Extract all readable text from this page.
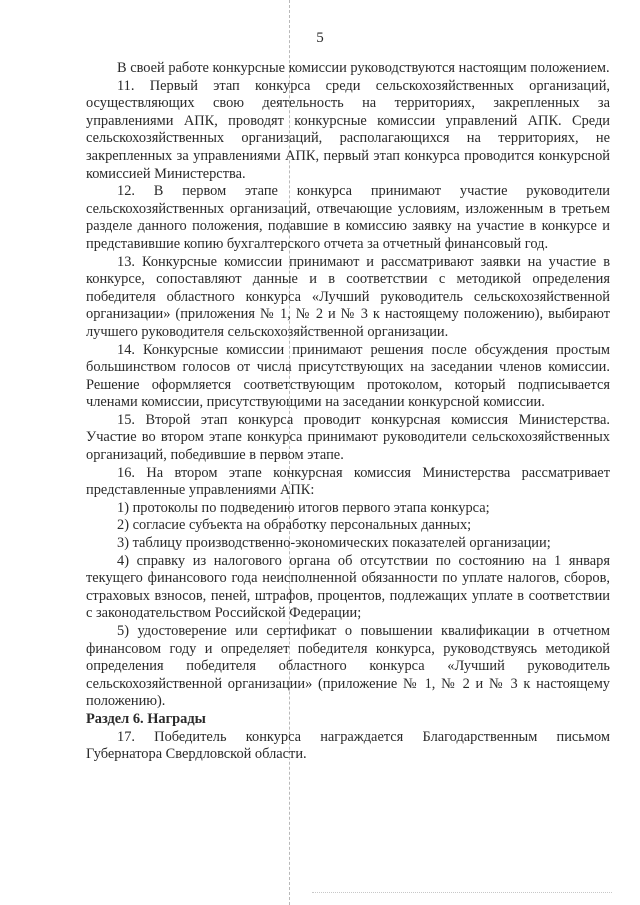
5

В своей работе конкурсные комиссии руководствуются настоящим положением.

11. Первый этап конкурса среди сельскохозяйственных организаций, осуществляющих свою деятельность на территориях, закрепленных за управлениями АПК, проводят конкурсные комиссии управлений АПК. Среди сельскохозяйственных организаций, располагающихся на территориях, не закрепленных за управлениями АПК, первый этап конкурса проводится конкурсной комиссией Министерства.

12. В первом этапе конкурса принимают участие руководители сельскохозяйственных организаций, отвечающие условиям, изложенным в третьем разделе данного положения, подавшие в комиссию заявку на участие в конкурсе и представившие копию бухгалтерского отчета за отчетный финансовый год.

13. Конкурсные комиссии принимают и рассматривают заявки на участие в конкурсе, сопоставляют данные и в соответствии с методикой определения победителя областного конкурса «Лучший руководитель сельскохозяйственной организации» (приложения № 1, № 2 и № 3 к настоящему положению), выбирают лучшего руководителя сельскохозяйственной организации.

14. Конкурсные комиссии принимают решения после обсуждения простым большинством голосов от числа присутствующих на заседании членов комиссии. Решение оформляется соответствующим протоколом, который подписывается членами комиссии, присутствующими на заседании конкурсной комиссии.

15. Второй этап конкурса проводит конкурсная комиссия Министерства. Участие во втором этапе конкурса принимают руководители сельскохозяйственных организаций, победившие в первом этапе.

16. На втором этапе конкурсная комиссия Министерства рассматривает представленные управлениями АПК:

1) протоколы по подведению итогов первого этапа конкурса;

2) согласие субъекта на обработку персональных данных;

3) таблицу производственно-экономических показателей организации;

4) справку из налогового органа об отсутствии по состоянию на 1 января текущего финансового года неисполненной обязанности по уплате налогов, сборов, страховых взносов, пеней, штрафов, процентов, подлежащих уплате в соответствии с законодательством Российской Федерации;

5) удостоверение или сертификат о повышении квалификации в отчетном финансовом году и определяет победителя конкурса, руководствуясь методикой определения победителя областного конкурса «Лучший руководитель сельскохозяйственной организации» (приложение № 1, № 2 и № 3 к настоящему положению).

Раздел 6. Награды

17. Победитель конкурса награждается Благодарственным письмом Губернатора Свердловской области.
